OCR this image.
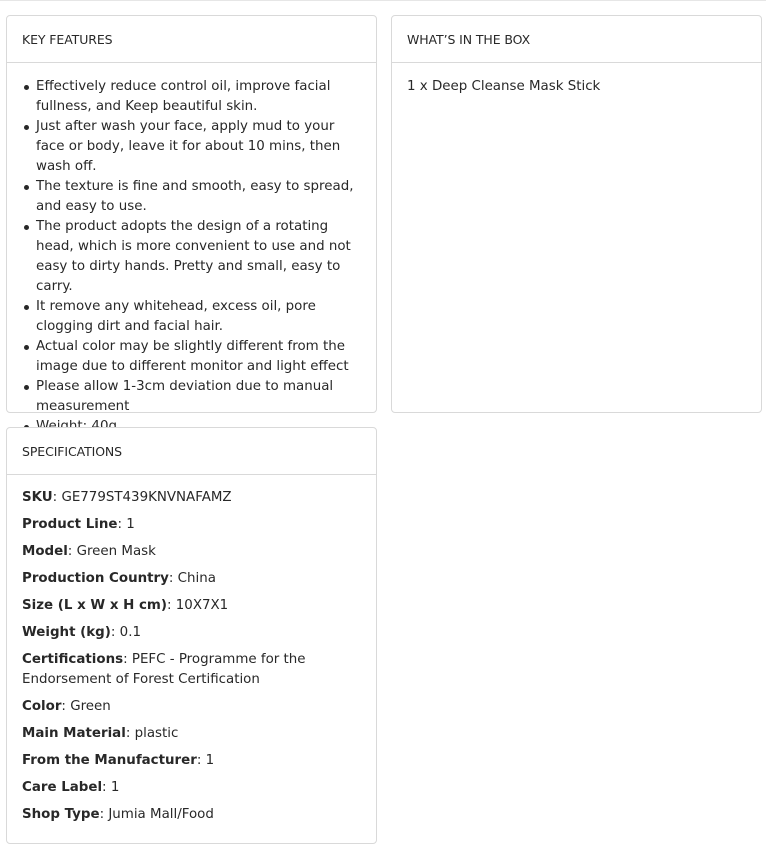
KEY FEATURES
Effectively reduce control oil, improve facial fullness, and Keep beautiful skin.
Just after wash your face, apply mud to your face or body, leave it for about 10 mins, then wash off.
The texture is fine and smooth, easy to spread, and easy to use.
The product adopts the design of a rotating head, which is more convenient to use and not easy to dirty hands. Pretty and small, easy to carry.
It remove any whitehead, excess oil, pore clogging dirt and facial hair.
Actual color may be slightly different from the image due to different monitor and light effect
Please allow 1-3cm deviation due to manual measurement
WHAT’S IN THE BOX
1 x Deep Cleanse Mask Stick
SPECIFICATIONS
SKU: GE779ST439KNVNAFAMZ
Product Line: 1
Model: Green Mask
Production Country: China
Size (L x W x H cm): 10X7X1
Weight (kg): 0.1
Certifications: PEFC - Programme for the Endorsement of Forest Certification
Color: Green
Main Material: plastic
From the Manufacturer: 1
Care Label: 1
Shop Type: Jumia Mall/Food
